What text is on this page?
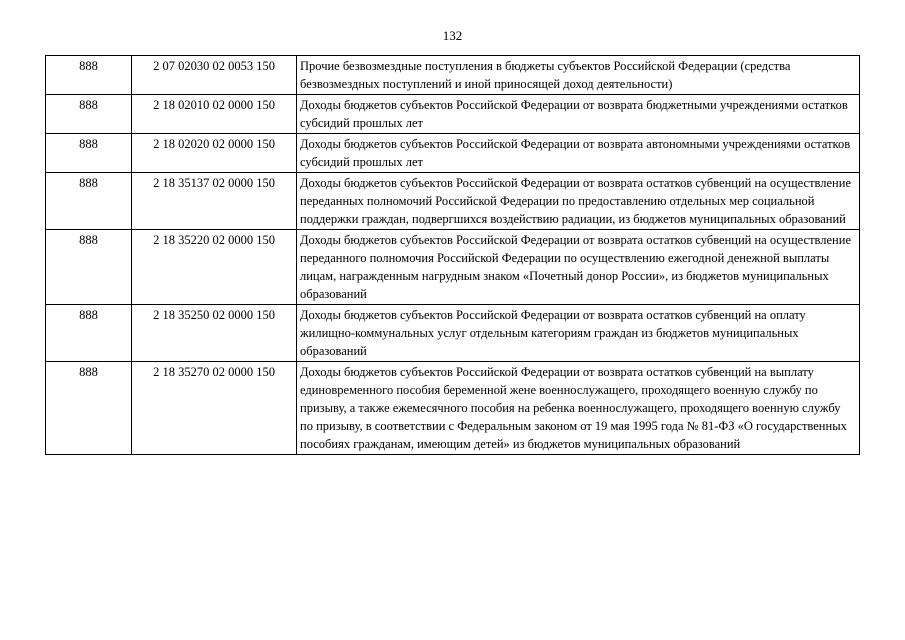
132
888	2 07 02030 02 0053 150	Прочие безвозмездные поступления в бюджеты субъектов Российской Федерации (средства безвозмездных поступлений и иной приносящей доход деятельности)
888	2 18 02010 02 0000 150	Доходы бюджетов субъектов Российской Федерации от возврата бюджетными учреждениями остатков субсидий прошлых лет
888	2 18 02020 02 0000 150	Доходы бюджетов субъектов Российской Федерации от возврата автономными учреждениями остатков субсидий прошлых лет
888	2 18 35137 02 0000 150	Доходы бюджетов субъектов Российской Федерации от возврата остатков субвенций на осуществление переданных полномочий Российской Федерации по предоставлению отдельных мер социальной поддержки граждан, подвергшихся воздействию радиации, из бюджетов муниципальных образований
888	2 18 35220 02 0000 150	Доходы бюджетов субъектов Российской Федерации от возврата остатков субвенций на осуществление переданного полномочия Российской Федерации по осуществлению ежегодной денежной выплаты лицам, награжденным нагрудным знаком «Почетный донор России», из бюджетов муниципальных образований
888	2 18 35250 02 0000 150	Доходы бюджетов субъектов Российской Федерации от возврата остатков субвенций на оплату жилищно-коммунальных услуг отдельным категориям граждан из бюджетов муниципальных образований
888	2 18 35270 02 0000 150	Доходы бюджетов субъектов Российской Федерации от возврата остатков субвенций на выплату единовременного пособия беременной жене военнослужащего, проходящего военную службу по призыву, а также ежемесячного пособия на ребенка военнослужащего, проходящего военную службу по призыву, в соответствии с Федеральным законом от 19 мая 1995 года № 81-ФЗ «О государственных пособиях гражданам, имеющим детей» из бюджетов муниципальных образований
